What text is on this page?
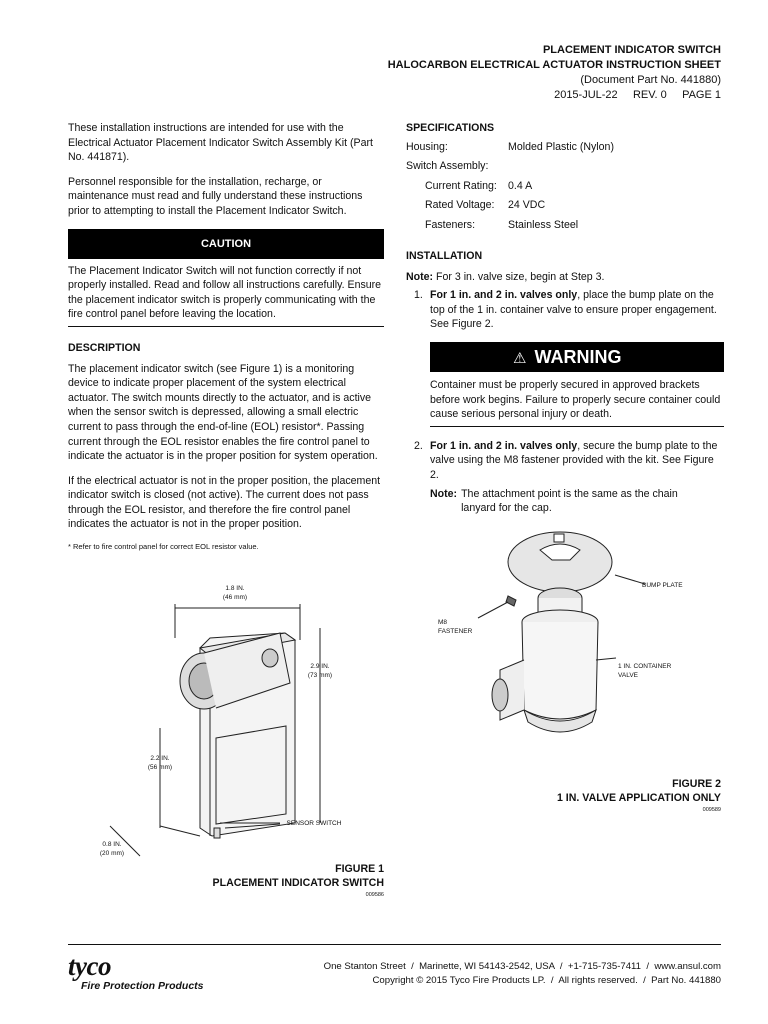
PLACEMENT INDICATOR SWITCH
HALOCARBON ELECTRICAL ACTUATOR INSTRUCTION SHEET
(Document Part No. 441880)
2015-JUL-22     REV. 0     PAGE 1

These installation instructions are intended for use with the Electrical Actuator Placement Indicator Switch Assembly Kit (Part No. 441871).

Personnel responsible for the installation, recharge, or maintenance must read and fully understand these instructions prior to attempting to install the Placement Indicator Switch.

CAUTION

The Placement Indicator Switch will not function correctly if not properly installed. Read and follow all instructions carefully. Ensure the placement indicator switch is properly communicating with the fire control panel before leaving the location.

DESCRIPTION

The placement indicator switch (see Figure 1) is a monitoring device to indicate proper placement of the system electrical actuator. The switch mounts directly to the actuator, and is active when the sensor switch is depressed, allowing a small electric current to pass through the end-of-line (EOL) resistor*. Passing current through the EOL resistor enables the fire control panel to indicate the actuator is in the proper position for system operation.

If the electrical actuator is not in the proper position, the placement indicator switch is closed (not active). The current does not pass through the EOL resistor, and therefore the fire control panel indicates the actuator is not in the proper position.

* Refer to fire control panel for correct EOL resistor value.
SPECIFICATIONS
Housing:	Molded Plastic (Nylon)
Switch Assembly:
Current Rating:	0.4 A
Rated Voltage:	24 VDC
Fasteners:	Stainless Steel
INSTALLATION

Note: For 3 in. valve size, begin at Step 3.

1. For 1 in. and 2 in. valves only, place the bump plate on the top of the 1 in. container valve to ensure proper engagement. See Figure 2.
⚠ WARNING
Container must be properly secured in approved brackets before work begins. Failure to properly secure container could cause serious personal injury or death.
2. For 1 in. and 2 in. valves only, secure the bump plate to the valve using the M8 fastener provided with the kit. See Figure 2.
Note: The attachment point is the same as the chain lanyard for the cap.
1.8 IN.
(46 mm)
2.9 IN.
(73 mm)
2.2 IN.
(56 mm)
0.8 IN.
(20 mm)
SENSOR SWITCH
FIGURE 1
PLACEMENT INDICATOR SWITCH
009586
BUMP PLATE
M8
FASTENER
1 IN. CONTAINER
VALVE
FIGURE 2
1 IN. VALVE APPLICATION ONLY
009589
tyco
Fire Protection Products
One Stanton Street  /  Marinette, WI 54143-2542, USA  /  +1-715-735-7411  /  www.ansul.com
Copyright © 2015 Tyco Fire Products LP.  /  All rights reserved.  /  Part No. 441880
